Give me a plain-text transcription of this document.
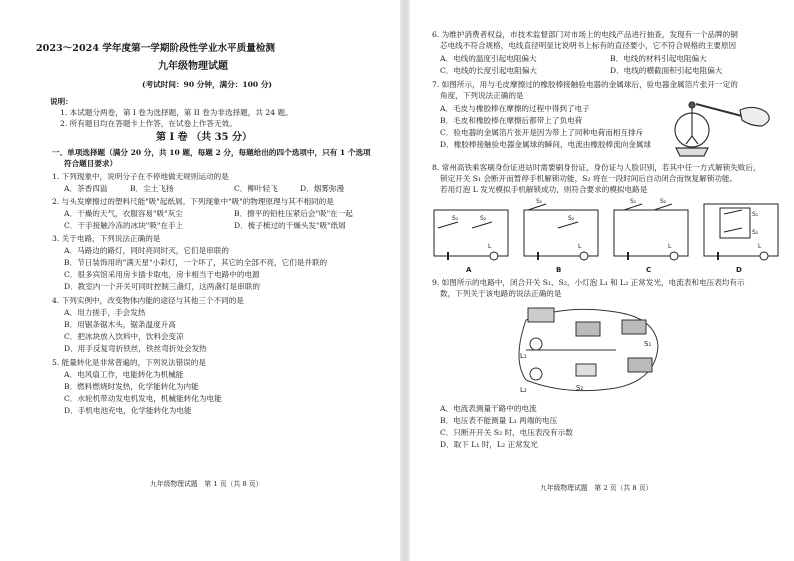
2023～2024 学年度第一学期阶段性学业水平质量检测
九年级物理试题
(考试时间：90 分钟，满分：100 分)
说明：
1. 本试题分两卷，第 I 卷为选择题，第 II 卷为非选择题，共 24 题。
2. 所有题目均在答题卡上作答，在试卷上作答无效。
第 I 卷 （共 35 分）
一、单项选择题（满分 20 分，共 10 题，每题 2 分，每题给出的四个选项中，只有 1 个选项
符合题目要求）
1. 下列现象中，说明分子在不停地做无规则运动的是
A．茶香四溢	B．尘土飞扬	C．柳叶轻飞	D．烟雾弥漫
2. 与头发摩擦过的塑料尺能"吸"起纸屑。下列现象中"吸"的物理原理与其不相同的是
A．干燥的天气，衣服容易"吸"灰尘	B．擦平的铅柱压紧后会"吸"在一起
C．干手接触冷冻的冰块"吸"在手上	D．梳子梳过的干燥头发"吸"纸屑
3. 关于电路，下列说法正确的是
A．马路边的路灯，同时亮同时灭，它们是串联的
B．节日装饰用的"满天星"小彩灯，一个坏了，其它的全部不亮，它们是并联的
C．很多宾馆采用房卡插卡取电，房卡相当于电路中的电源
D．教室内一个开关可同时控制三盏灯，这两盏灯是串联的
4. 下列实例中，改变物体内能的途径与其他三个不同的是
A．用力搓手，手会发热
B．用锯条锯木头，锯条温度升高
C．把冰块放入饮料中，饮料会变凉
D．用手反复弯折铁丝，铁丝弯折处会发热
5. 能量转化是非常普遍的，下列说法错误的是
A．电风扇工作，电能转化为机械能
B．燃料燃烧时发热，化学能转化为内能
C．水轮机带动发电机发电，机械能转化为电能
D．手机电池充电，化学能转化为电能
九年级物理试题　第 1 页（共 8 页）
6. 为维护消费者权益，市技术监督部门对市场上的电线产品进行抽查，发现有一个品牌的铜
芯电线不符合规格，电线直径明显比说明书上标有的直径要小，它不符合规格的主要原因
A．电线的温度引起电阻偏大	B．电线的材料引起电阻偏大
C．电线的长度引起电阻偏大	D．电线的横截面积引起电阻偏大
7. 如图所示，用与毛皮摩擦过的橡胶棒接触验电器的金属球后，验电器金属箔片张开一定的
角度，下列说法正确的是
A．毛皮与橡胶棒在摩擦的过程中得到了电子
B．毛皮和橡胶棒在摩擦后都带上了负电荷
C．验电器的金属箔片张开是因为带上了同种电荷而相互排斥
D．橡胶棒接触验电器金属球的瞬间，电流由橡胶棒流向金属球
8. 常州高铁乘客刷身份证进站时需要刷身份证，身份证与人脸识别，若其中任一方式解锁失败后，
锁定开关 S₁ 会断开而暂停手机解锁功能，S₂ 将在一段时间后自动闭合而恢复解锁功能。
若用灯泡 L 发光模拟手机解锁成功，则符合要求的模拟电路是
S₁	S₂
L
S₁
S₂
L
S₁	S₂
L
S₁
S₂
L
A	B	C	D
9. 如图所示的电路中，闭合开关 S₁、S₂，小灯泡 L₁ 和 L₂ 正常发光，电流表和电压表均有示
数，下列关于该电路的说法正确的是
L₁
L₂
S₁
S₂
A．电流表测量干路中的电流
B．电压表不能测量 L₁ 两端的电压
C．只断开开关 S₂ 时，电压表没有示数
D．取下 L₁ 时，L₂ 正常发光
九年级物理试题　第 2 页（共 8 页）
